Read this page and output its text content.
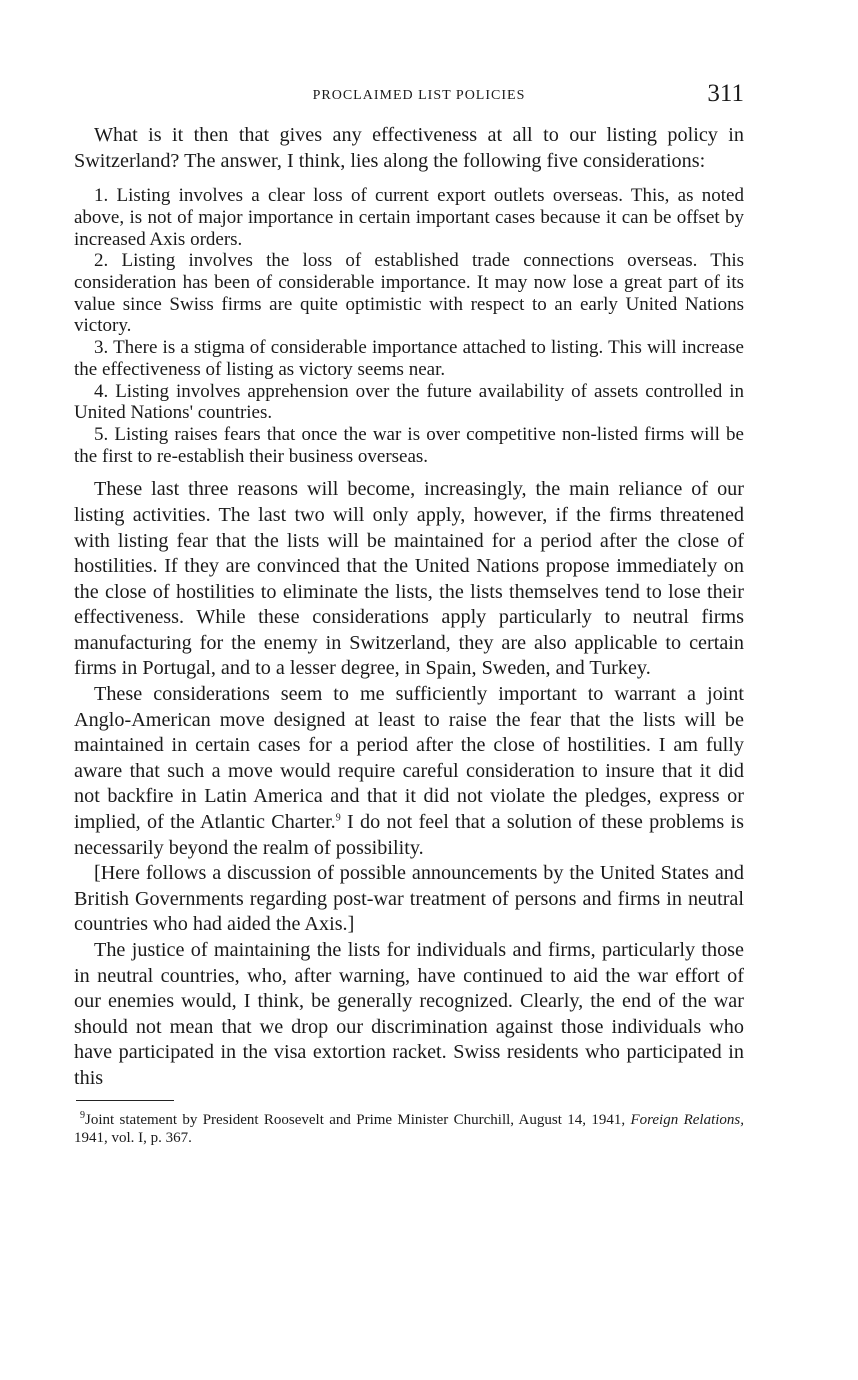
PROCLAIMED LIST POLICIES	311

What is it then that gives any effectiveness at all to our listing policy in Switzerland? The answer, I think, lies along the following five considerations:

1. Listing involves a clear loss of current export outlets overseas. This, as noted above, is not of major importance in certain important cases because it can be offset by increased Axis orders.

2. Listing involves the loss of established trade connections overseas. This consideration has been of considerable importance. It may now lose a great part of its value since Swiss firms are quite optimistic with respect to an early United Nations victory.

3. There is a stigma of considerable importance attached to listing. This will increase the effectiveness of listing as victory seems near.

4. Listing involves apprehension over the future availability of assets controlled in United Nations' countries.

5. Listing raises fears that once the war is over competitive non-listed firms will be the first to re-establish their business overseas.

These last three reasons will become, increasingly, the main reliance of our listing activities. The last two will only apply, however, if the firms threatened with listing fear that the lists will be maintained for a period after the close of hostilities. If they are convinced that the United Nations propose immediately on the close of hostilities to eliminate the lists, the lists themselves tend to lose their effectiveness. While these considerations apply particularly to neutral firms manufacturing for the enemy in Switzerland, they are also applicable to certain firms in Portugal, and to a lesser degree, in Spain, Sweden, and Turkey.

These considerations seem to me sufficiently important to warrant a joint Anglo-American move designed at least to raise the fear that the lists will be maintained in certain cases for a period after the close of hostilities. I am fully aware that such a move would require careful consideration to insure that it did not backfire in Latin America and that it did not violate the pledges, express or implied, of the Atlantic Charter.$^9$ I do not feel that a solution of these problems is necessarily beyond the realm of possibility.

[Here follows a discussion of possible announcements by the United States and British Governments regarding post-war treatment of persons and firms in neutral countries who had aided the Axis.]

The justice of maintaining the lists for individuals and firms, particularly those in neutral countries, who, after warning, have continued to aid the war effort of our enemies would, I think, be generally recognized. Clearly, the end of the war should not mean that we drop our discrimination against those individuals who have participated in the visa extortion racket. Swiss residents who participated in this

$^9$Joint statement by President Roosevelt and Prime Minister Churchill, August 14, 1941, Foreign Relations, 1941, vol. I, p. 367.
